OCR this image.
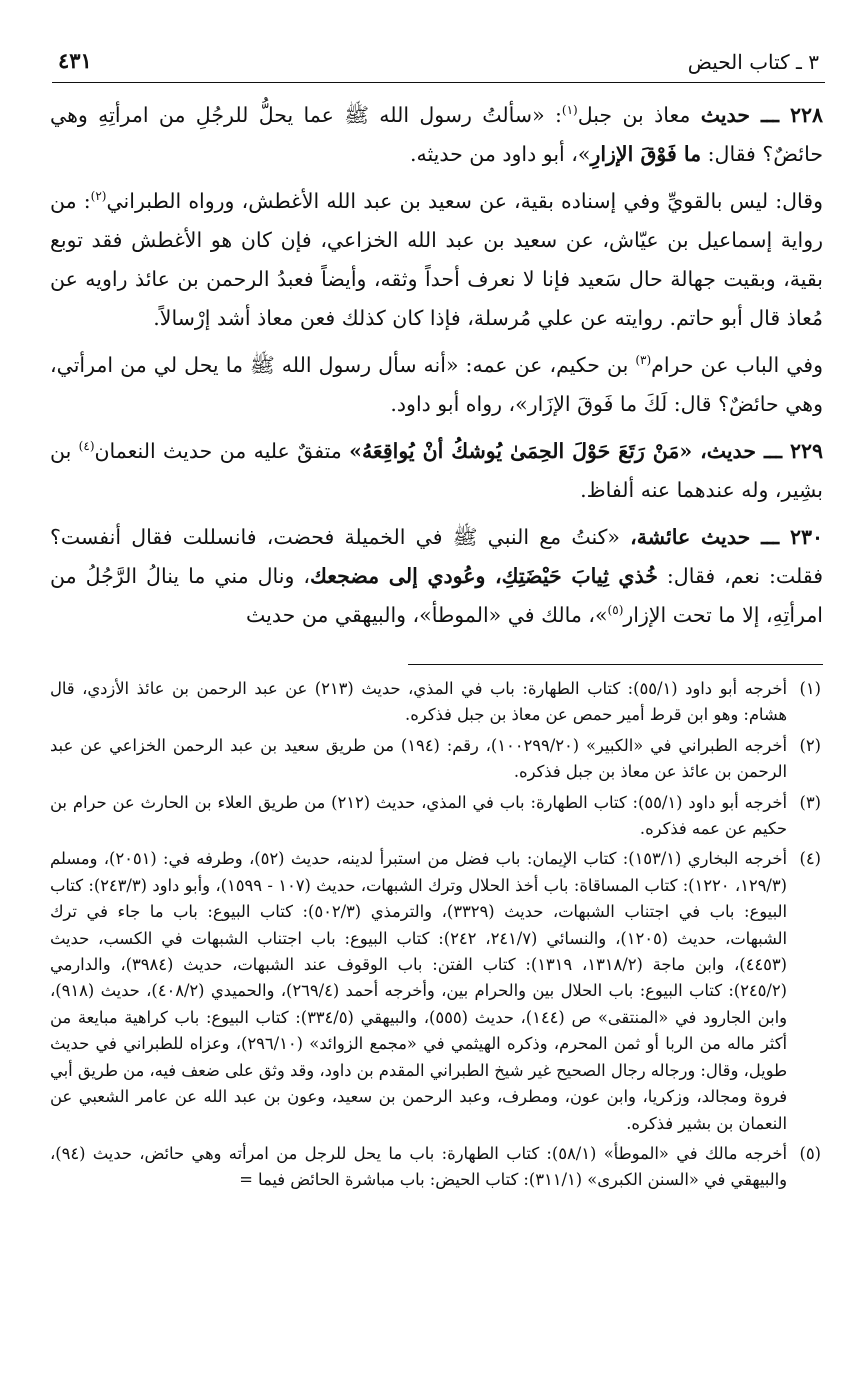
٣ ـ كتاب الحيض
٤٣١

٢٢٨ ـــ حديث معاذ بن جبل$^{(١)}$: «سألتُ رسول الله ﷺ عما يحلُّ للرجُلِ من امرأتِهِ وهي حائضٌ؟ فقال: ما فَوْقَ الإزارِ»، أبو داود من حديثه.

وقال: ليس بالقويِّ وفي إسناده بقية، عن سعيد بن عبد الله الأغطش، ورواه الطبراني$^{(٢)}$: من رواية إسماعيل بن عيّاش، عن سعيد بن عبد الله الخزاعي، فإن كان هو الأغطش فقد توبع بقية، وبقيت جهالة حال سَعيد فإنا لا نعرف أحداً وثقه، وأيضاً فعبدُ الرحمن بن عائذ راويه عن مُعاذ قال أبو حاتم. روايته عن علي مُرسلة، فإذا كان كذلك فعن معاذ أشد إرْسالاً.

وفي الباب عن حرام$^{(٣)}$ بن حكيم، عن عمه: «أنه سأل رسول الله ﷺ ما يحل لي من امرأتي، وهي حائضٌ؟ قال: لَكَ ما فَوقَ الإزَار»، رواه أبو داود.

٢٢٩ ـــ حديث، «مَنْ رَتَعَ حَوْلَ الحِمَىٰ يُوشكُ أنْ يُواقِعَهُ» متفقٌ عليه من حديث النعمان$^{(٤)}$ بن بشِير، وله عندهما عنه ألفاظ.

٢٣٠ ـــ حديث عائشة، «كنتُ مع النبي ﷺ في الخميلة فحضت، فانسللت فقال أنفست؟ فقلت: نعم، فقال: خُذي ثِيابَ حَيْضَتِكِ، وعُودي إلى مضجعك، ونال مني ما ينالُ الرَّجُلُ من امرأتِهِ، إلا ما تحت الإزار$^{(٥)}$»، مالك في «الموطأ»، والبيهقي من حديث

(١)
أخرجه أبو داود (٥٥/١): كتاب الطهارة: باب في المذي، حديث (٢١٣) عن عبد الرحمن بن عائذ الأزدي، قال هشام: وهو ابن قرط أمير حمص عن معاذ بن جبل فذكره.
(٢)
أخرجه الطبراني في «الكبير» (١٠٠٢٩٩/٢٠)، رقم: (١٩٤) من طريق سعيد بن عبد الرحمن الخزاعي عن عبد الرحمن بن عائذ عن معاذ بن جبل فذكره.
(٣)
أخرجه أبو داود (٥٥/١): كتاب الطهارة: باب في المذي، حديث (٢١٢) من طريق العلاء بن الحارث عن حرام بن حكيم عن عمه فذكره.
(٤)
أخرجه البخاري (١٥٣/١): كتاب الإيمان: باب فضل من استبرأ لدينه، حديث (٥٢)، وطرفه في: (٢٠٥١)، ومسلم (١٢٩/٣، ١٢٢٠): كتاب المساقاة: باب أخذ الحلال وترك الشبهات، حديث (١٠٧ - ١٥٩٩)، وأبو داود (٢٤٣/٣): كتاب البيوع: باب في اجتناب الشبهات، حديث (٣٣٢٩)، والترمذي (٥٠٢/٣): كتاب البيوع: باب ما جاء في ترك الشبهات، حديث (١٢٠٥)، والنسائي (٢٤١/٧، ٢٤٢): كتاب البيوع: باب اجتناب الشبهات في الكسب، حديث (٤٤٥٣)، وابن ماجة (١٣١٨/٢، ١٣١٩): كتاب الفتن: باب الوقوف عند الشبهات، حديث (٣٩٨٤)، والدارمي (٢٤٥/٢): كتاب البيوع: باب الحلال بين والحرام بين، وأخرجه أحمد (٢٦٩/٤)، والحميدي (٤٠٨/٢)، حديث (٩١٨)، وابن الجارود في «المنتقى» ص (١٤٤)، حديث (٥٥٥)، والبيهقي (٣٣٤/٥): كتاب البيوع: باب كراهية مبايعة من أكثر ماله من الربا أو ثمن المحرم، وذكره الهيثمي في «مجمع الزوائد» (٢٩٦/١٠)، وعزاه للطبراني في حديث طويل، وقال: ورجاله رجال الصحيح غير شيخ الطبراني المقدم بن داود، وقد وثق على ضعف فيه، من طريق أبي فروة ومجالد، وزكريا، وابن عون، ومطرف، وعبد الرحمن بن سعيد، وعون بن عبد الله عن عامر الشعبي عن النعمان بن بشير فذكره.
(٥)
أخرجه مالك في «الموطأ» (٥٨/١): كتاب الطهارة: باب ما يحل للرجل من امرأته وهي حائض، حديث (٩٤)، والبيهقي في «السنن الكبرى» (٣١١/١): كتاب الحيض: باب مباشرة الحائض فيما =
